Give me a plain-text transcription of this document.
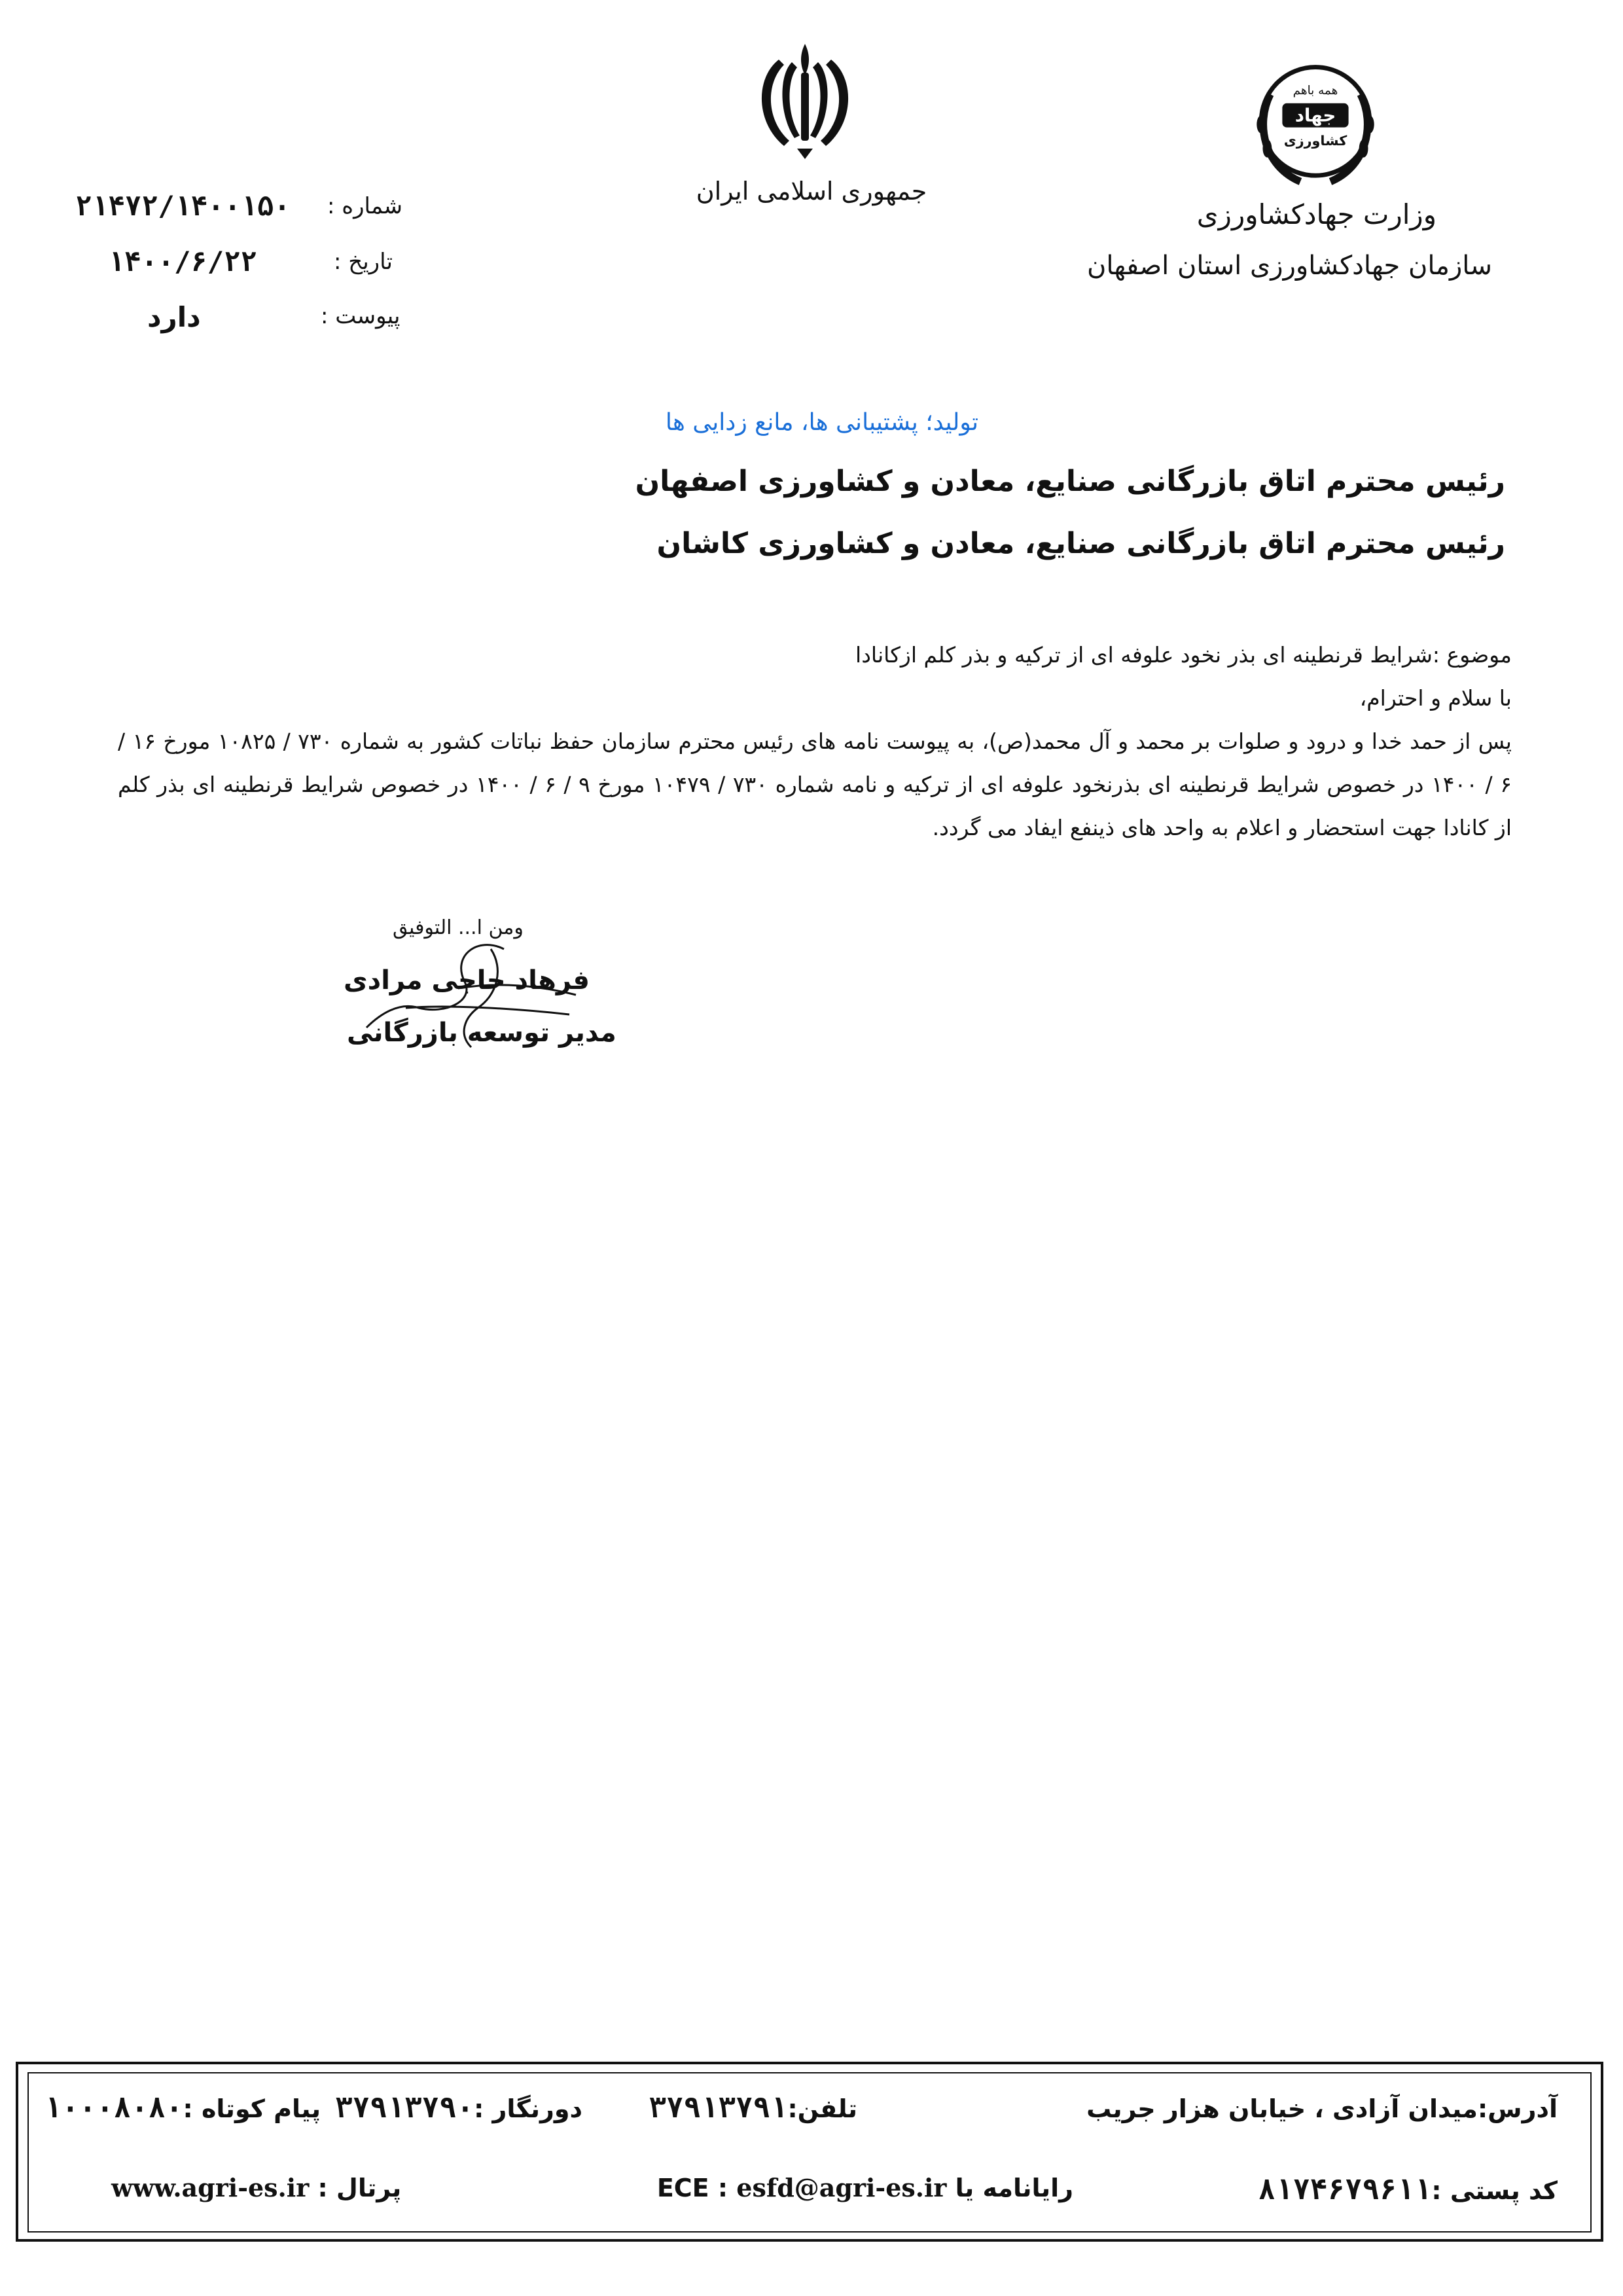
همه باهم
جهاد
کشاورزی
جمهوری اسلامی ایران
وزارت جهادکشاورزی
سازمان جهادکشاورزی استان اصفهان
شماره :
۲۱۴۷۲/۱۴۰۰۱۵۰
تاریخ :
۱۴۰۰/۶/۲۲
پیوست :
دارد
تولید؛ پشتیبانی ها، مانع زدایی ها
رئیس محترم اتاق بازرگانی صنایع، معادن و کشاورزی اصفهان
رئیس محترم اتاق بازرگانی صنایع، معادن و کشاورزی کاشان

موضوع :شرایط قرنطینه ای بذر نخود علوفه ای از ترکیه و بذر کلم ازکانادا

با سلام و احترام،

پس از حمد خدا و درود و صلوات بر محمد و آل محمد(ص)، به پیوست نامه های رئیس محترم سازمان حفظ نباتات کشور به شماره ۷۳۰ / ۱۰۸۲۵ مورخ ۱۶ / ۶ / ۱۴۰۰ در خصوص شرایط قرنطینه ای بذرنخود علوفه ای از ترکیه و نامه شماره ۷۳۰ / ۱۰۴۷۹ مورخ ۹ / ۶ / ۱۴۰۰ در خصوص شرایط قرنطینه ای بذر کلم از کانادا جهت استحضار و اعلام به واحد های ذینفع ایفاد می گردد.

ومن ا... التوفیق
فرهاد حاجی مرادی
مدیر توسعه بازرگانی
آدرس:میدان آزادی ، خیابان هزار جریب
تلفن:۳۷۹۱۳۷۹۱
دورنگار :۳۷۹۱۳۷۹۰
پیام کوتاه :۱۰۰۰۸۰۸۰
کد پستی :۸۱۷۴۶۷۹۶۱۱
رایانامه یا ECE : esfd@agri-es.ir
پرتال : www.agri-es.ir
